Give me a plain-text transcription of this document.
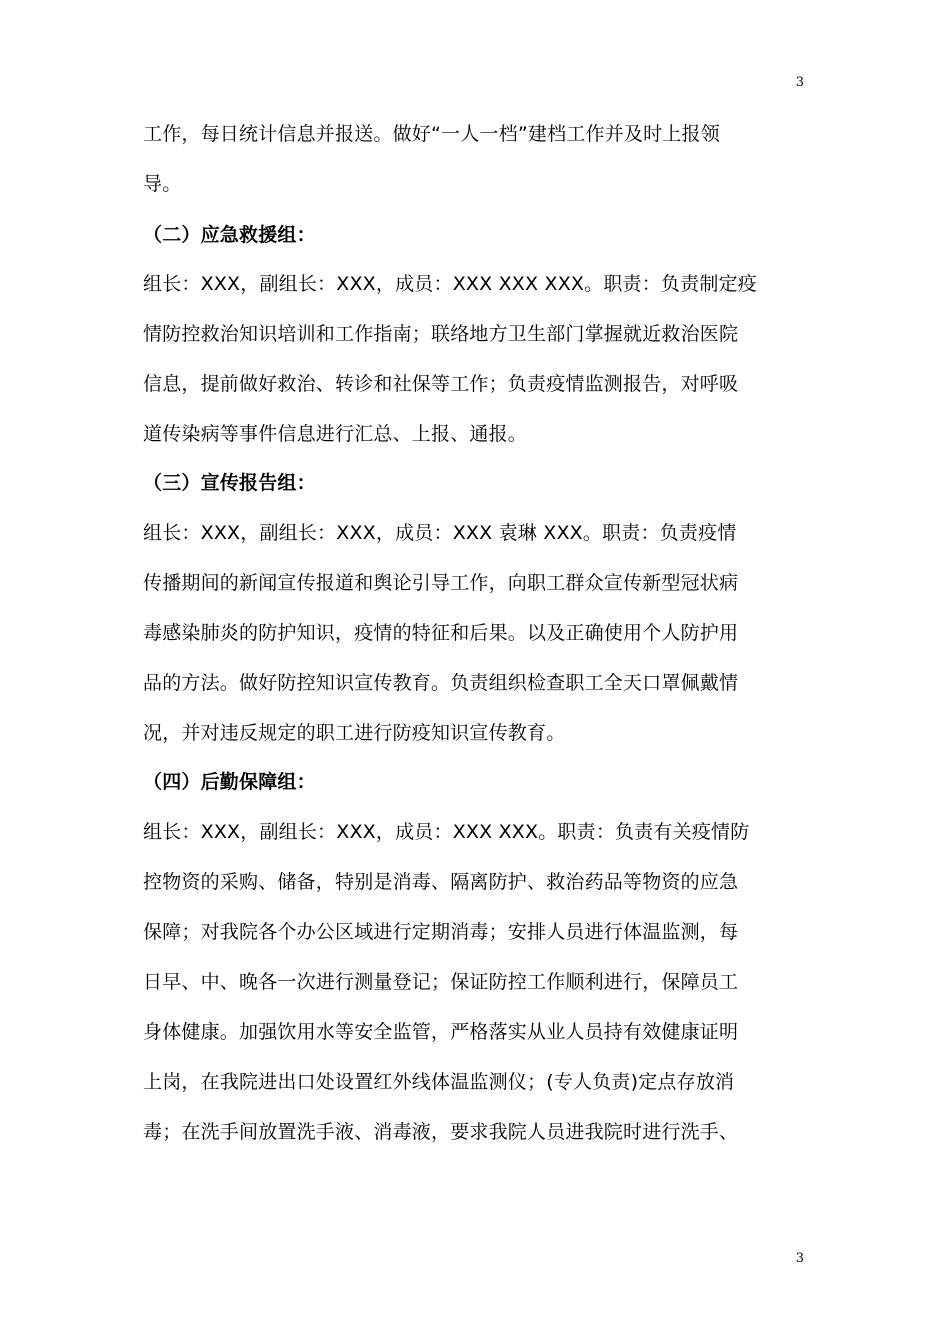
3
工作，每日统计信息并报送。做好“一人一档”建档工作并及时上报领
导。
（二）应急救援组：
组长：XXX，副组长：XXX，成员：XXX XXX XXX。职责：负责制定疫
情防控救治知识培训和工作指南；联络地方卫生部门掌握就近救治医院
信息，提前做好救治、转诊和社保等工作；负责疫情监测报告，对呼吸
道传染病等事件信息进行汇总、上报、通报。
（三）宣传报告组：
组长：XXX，副组长：XXX，成员：XXX 袁琳 XXX。职责：负责疫情
传播期间的新闻宣传报道和舆论引导工作，向职工群众宣传新型冠状病
毒感染肺炎的防护知识，疫情的特征和后果。以及正确使用个人防护用
品的方法。做好防控知识宣传教育。负责组织检查职工全天口罩佩戴情
况，并对违反规定的职工进行防疫知识宣传教育。
（四）后勤保障组：
组长：XXX，副组长：XXX，成员：XXX XXX。职责：负责有关疫情防
控物资的采购、储备，特别是消毒、隔离防护、救治药品等物资的应急
保障；对我院各个办公区域进行定期消毒；安排人员进行体温监测，每
日早、中、晚各一次进行测量登记；保证防控工作顺利进行，保障员工
身体健康。加强饮用水等安全监管，严格落实从业人员持有效健康证明
上岗，在我院进出口处设置红外线体温监测仪；(专人负责)定点存放消
毒；在洗手间放置洗手液、消毒液，要求我院人员进我院时进行洗手、
3
